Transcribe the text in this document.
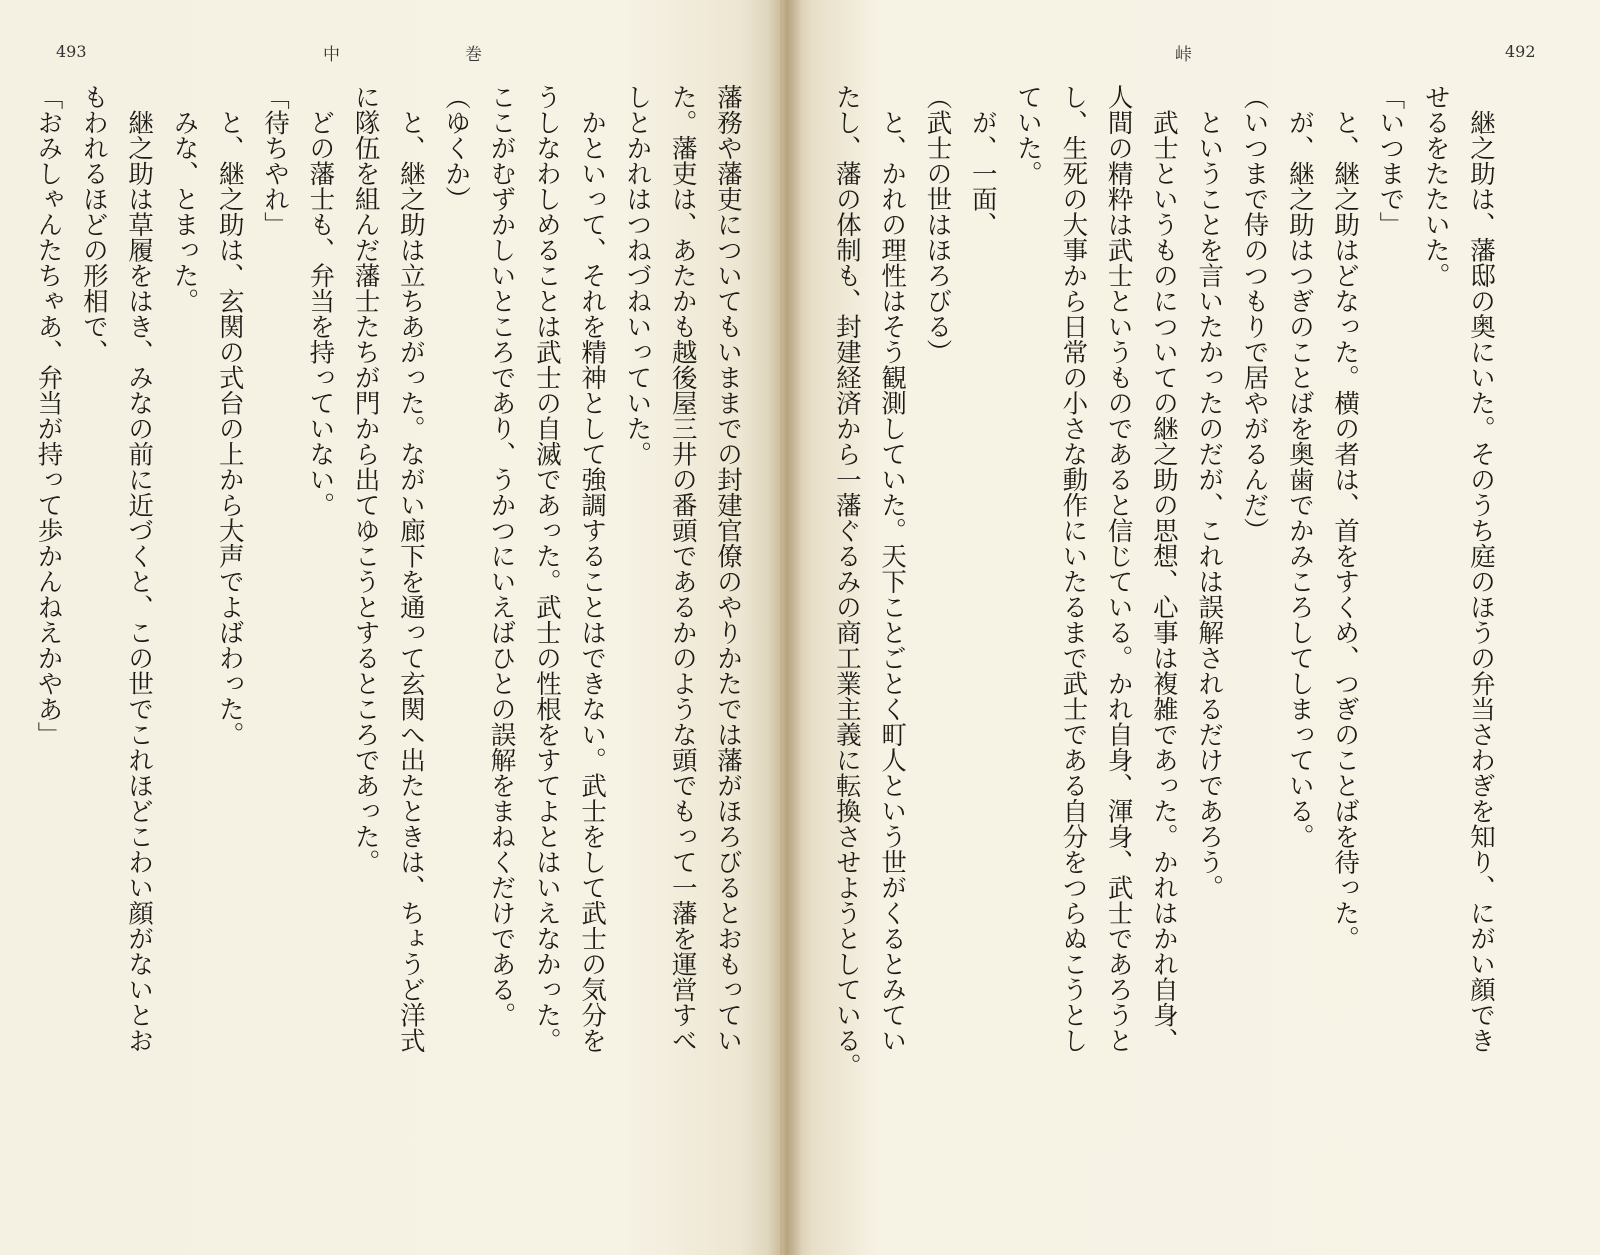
493	中	巻
藩務や藩吏についてもいままでの封建官僚のやりかたでは藩がほろびるとおもってい
た。藩吏は、あたかも越後屋三井の番頭であるかのような頭でもって一藩を運営すべ
しとかれはつねづねいっていた。
　かといって、それを精神として強調することはできない。武士をして武士の気分を
うしなわしめることは武士の自滅であった。武士の性根をすてよとはいえなかった。
ここがむずかしいところであり、うかつにいえばひとの誤解をまねくだけである。
（ゆくか）
　と、継之助は立ちあがった。ながい廊下を通って玄関へ出たときは、ちょうど洋式
に隊伍を組んだ藩士たちが門から出てゆこうとするところであった。
　どの藩士も、弁当を持っていない。
「待ちやれ」
　と、継之助は、玄関の式台の上から大声でよばわった。
　みな、とまった。
　継之助は草履をはき、みなの前に近づくと、この世でこれほどこわい顔がないとお
もわれるほどの形相で、
「おみしゃんたちゃあ、弁当が持って歩かんねえかやあ」
峠	492
　継之助は、藩邸の奥にいた。そのうち庭のほうの弁当さわぎを知り、にがい顔でき
せるをたたいた。
「いつまで」
　と、継之助はどなった。横の者は、首をすくめ、つぎのことばを待った。
　が、継之助はつぎのことばを奥歯でかみころしてしまっている。
（いつまで侍のつもりで居やがるんだ）
　ということを言いたかったのだが、これは誤解されるだけであろう。
　武士というものについての継之助の思想、心事は複雑であった。かれはかれ自身、
人間の精粋は武士というものであると信じている。かれ自身、渾身、武士であろうと
し、生死の大事から日常の小さな動作にいたるまで武士である自分をつらぬこうとし
ていた。
　が、一面、
（武士の世はほろびる）
　と、かれの理性はそう観測していた。天下ことごとく町人という世がくるとみてい
たし、藩の体制も、封建経済から一藩ぐるみの商工業主義に転換させようとしている。
